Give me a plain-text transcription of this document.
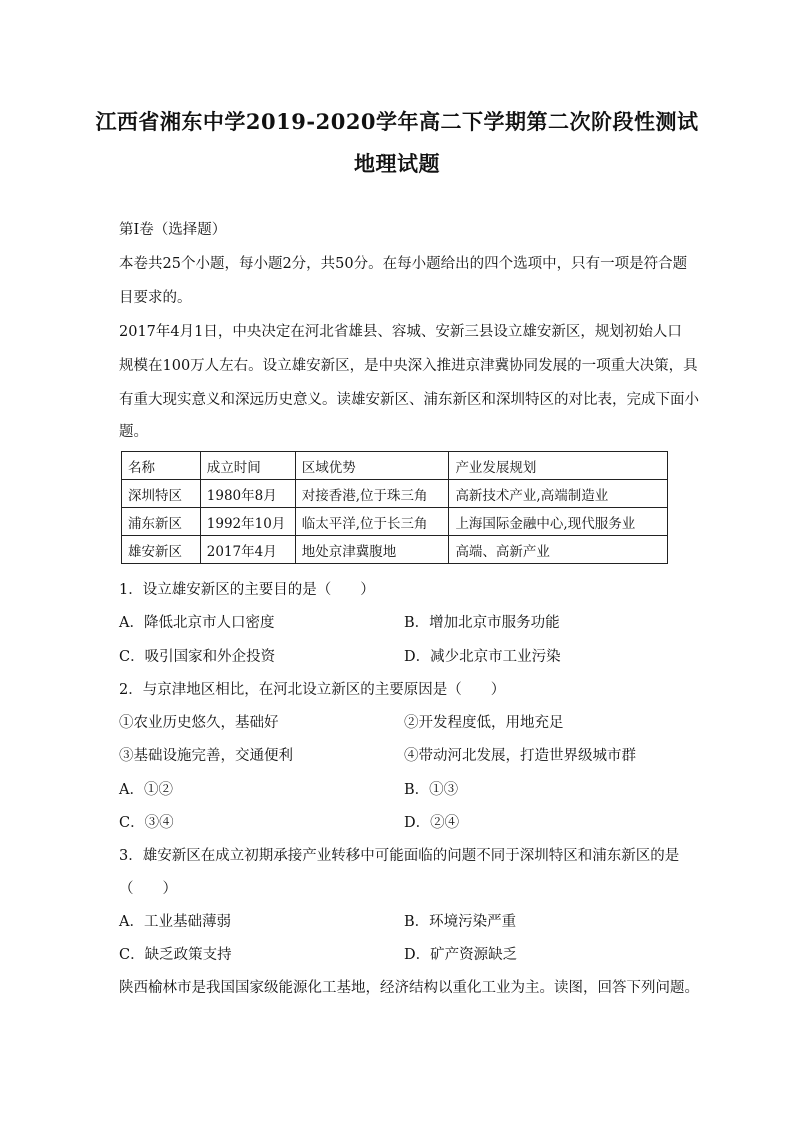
江西省湘东中学2019-2020学年高二下学期第二次阶段性测试
地理试题
第Ⅰ卷（选择题）
本卷共25个小题，每小题2分，共50分。在每小题给出的四个选项中，只有一项是符合题
目要求的。
2017年4月1日，中央决定在河北省雄县、容城、安新三县设立雄安新区，规划初始人口
规模在100万人左右。设立雄安新区，是中央深入推进京津冀协同发展的一项重大决策，具
有重大现实意义和深远历史意义。读雄安新区、浦东新区和深圳特区的对比表，完成下面小
题。
名称	成立时间	区域优势	产业发展规划
深圳特区	1980年8月	对接香港,位于珠三角	高新技术产业,高端制造业
浦东新区	1992年10月	临太平洋,位于长三角	上海国际金融中心,现代服务业
雄安新区	2017年4月	地处京津冀腹地	高端、高新产业
1．设立雄安新区的主要目的是（　　）
A．降低北京市人口密度	B．增加北京市服务功能
C．吸引国家和外企投资	D．减少北京市工业污染
2．与京津地区相比，在河北设立新区的主要原因是（　　）
①农业历史悠久，基础好	②开发程度低，用地充足
③基础设施完善，交通便利	④带动河北发展，打造世界级城市群
A．①②	B．①③
C．③④	D．②④
3．雄安新区在成立初期承接产业转移中可能面临的问题不同于深圳特区和浦东新区的是
（　　）
A．工业基础薄弱	B．环境污染严重
C．缺乏政策支持	D．矿产资源缺乏
陕西榆林市是我国国家级能源化工基地，经济结构以重化工业为主。读图，回答下列问题。
